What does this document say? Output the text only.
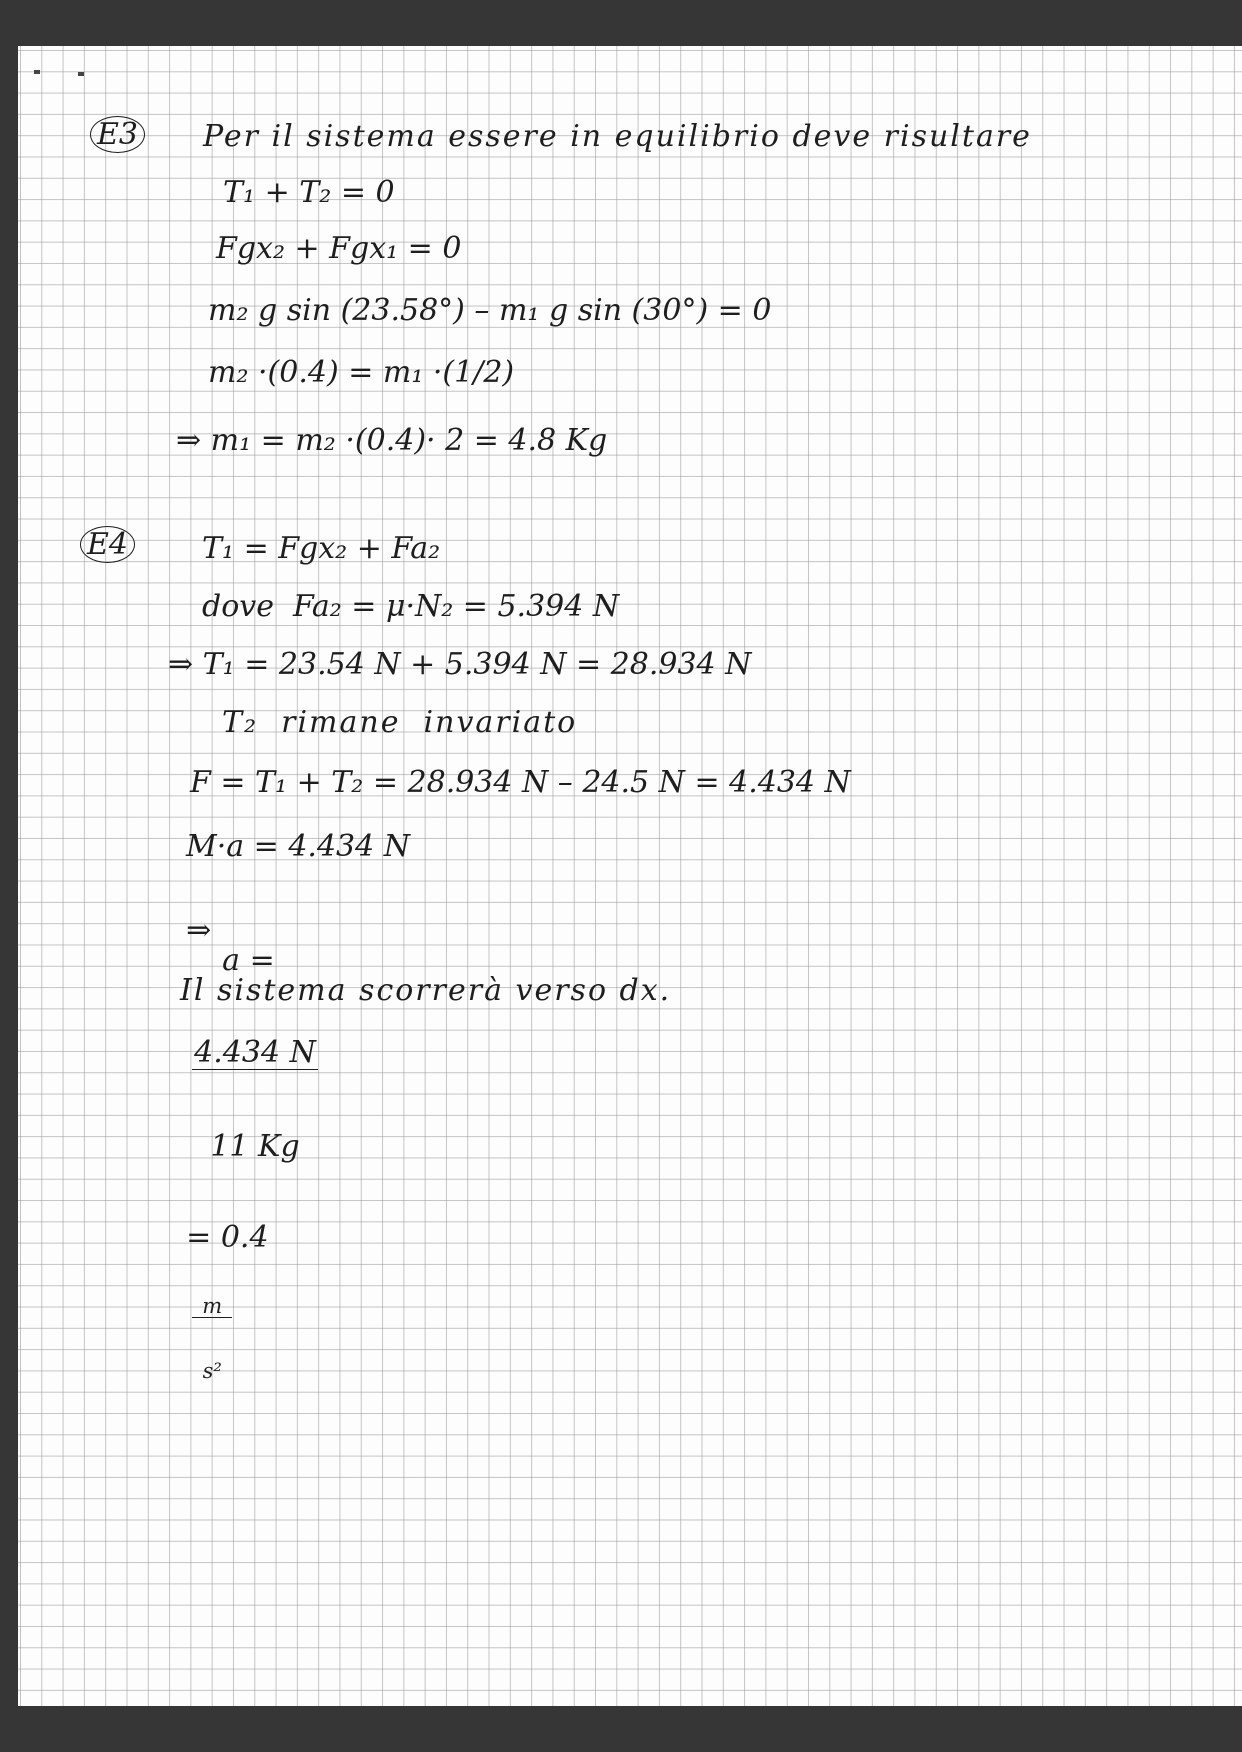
E3 Per il sistema essere in equilibrio deve risultare

T₁ + T₂ = 0

Fgx₂ + Fgx₁ = 0

m₂ g sin (23.58°) – m₁ g sin (30°) = 0

m₂ ·(0.4) = m₁ ·(1/2)

⇒ m₁ = m₂ ·(0.4)· 2 = 4.8 Kg

E4 T₁ = Fgx₂ + Fa₂

dove  Fa₂ = μ·N₂ = 5.394 N

⇒ T₁ = 23.54 N + 5.394 N = 28.934 N

T₂  rimane  invariato

F = T₁ + T₂ = 28.934 N – 24.5 N = 4.434 N

M·a = 4.434 N

⇒
a =

$\frac{4.434 N}{11 Kg}$

= 0.4

$\frac{m}{\text{s²}}$

Il sistema scorrerà verso dx.
